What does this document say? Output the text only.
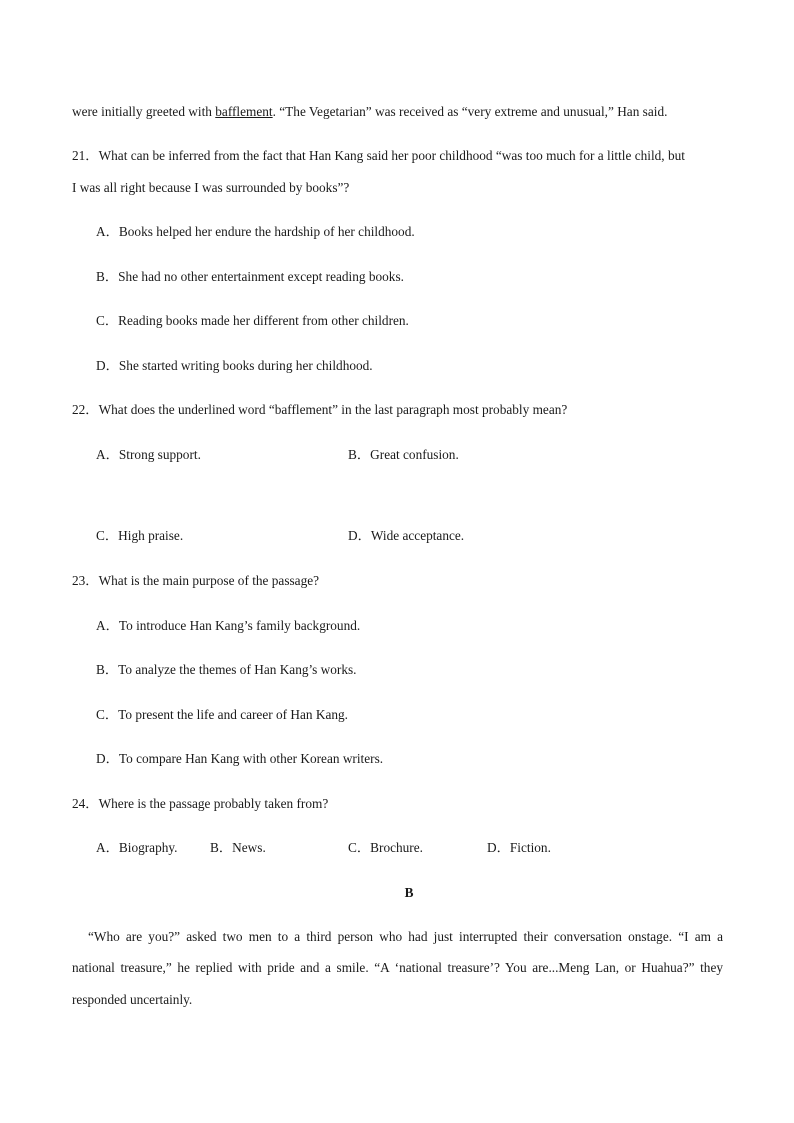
were initially greeted with bafflement. “The Vegetarian” was received as “very extreme and unusual,” Han said.
21．What can be inferred from the fact that Han Kang said her poor childhood “was too much for a little child, but
I was all right because I was surrounded by books”?
A．Books helped her endure the hardship of her childhood.
B．She had no other entertainment except reading books.
C．Reading books made her different from other children.
D．She started writing books during her childhood.
22．What does the underlined word “bafflement” in the last paragraph most probably mean?
A．Strong support.	B．Great confusion.
C．High praise.	D．Wide acceptance.
23．What is the main purpose of the passage?
A．To introduce Han Kang’s family background.
B．To analyze the themes of Han Kang’s works.
C．To present the life and career of Han Kang.
D．To compare Han Kang with other Korean writers.
24．Where is the passage probably taken from?
A．Biography. B．News.	C．Brochure.	D．Fiction.
B
“Who are you?” asked two men to a third person who had just interrupted their conversation onstage. “I am a
national treasure,” he replied with pride and a smile. “A ‘national treasure’? You are...Meng Lan, or Huahua?” they
responded uncertainly.
